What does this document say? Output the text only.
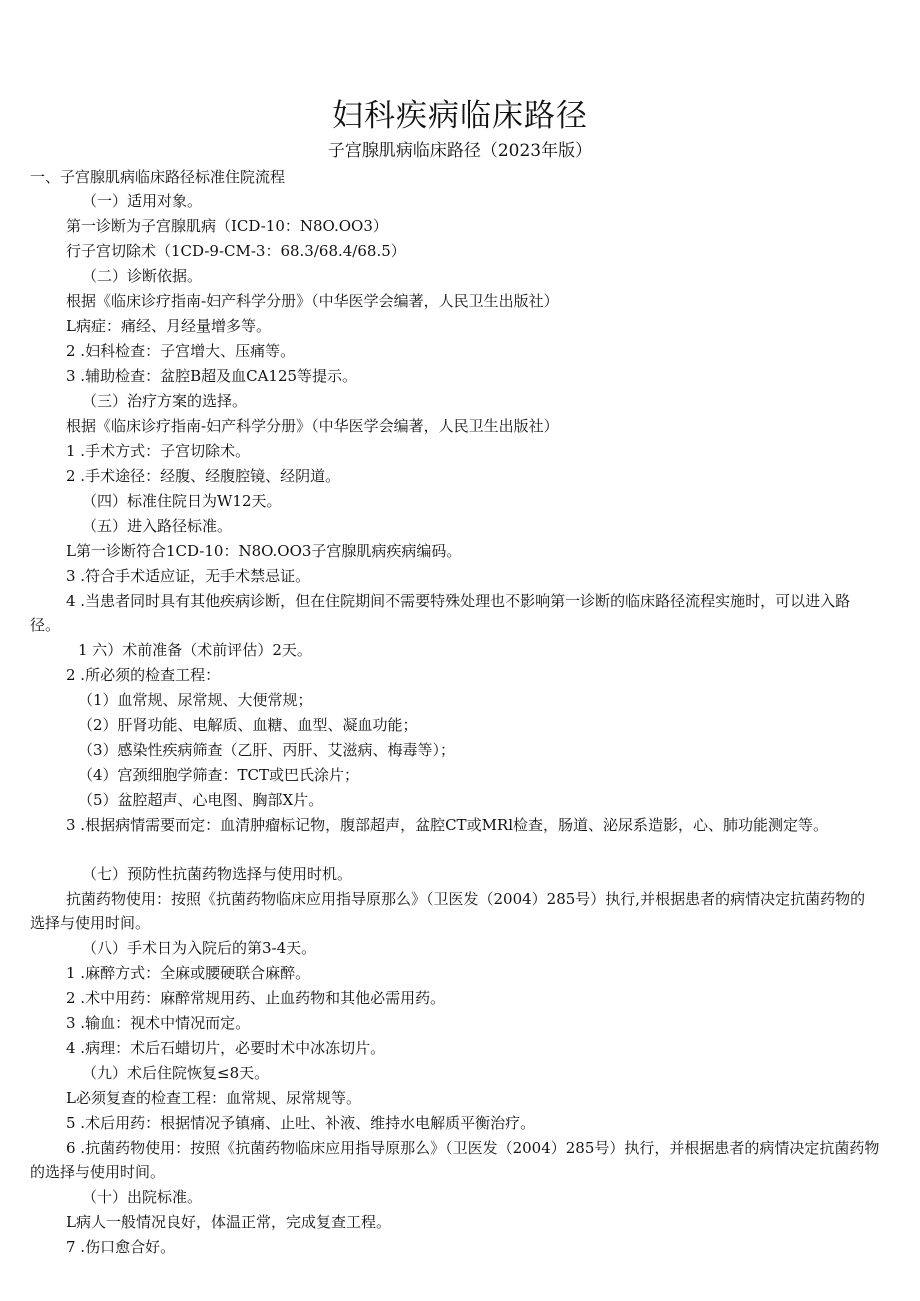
妇科疾病临床路径
子宫腺肌病临床路径（2023年版）
一、子宫腺肌病临床路径标准住院流程
（一）适用对象。
第一诊断为子宫腺肌病（ICD-10：N8O.OO3）
行子宫切除术（1CD-9-CM-3：68.3/68.4/68.5）
（二）诊断依据。
根据《临床诊疗指南-妇产科学分册》（中华医学会编著，人民卫生出版社）
L病症：痛经、月经量增多等。
2 .妇科检查：子宫增大、压痛等。
3 .辅助检查：盆腔B超及血CA125等提示。
（三）治疗方案的选择。
根据《临床诊疗指南-妇产科学分册》（中华医学会编著，人民卫生出版社）
1 .手术方式：子宫切除术。
2 .手术途径：经腹、经腹腔镜、经阴道。
（四）标准住院日为W12天。
（五）进入路径标准。
L第一诊断符合1CD-10：N8O.OO3子宫腺肌病疾病编码。
3 .符合手术适应证，无手术禁忌证。
4 .当患者同时具有其他疾病诊断，但在住院期间不需要特殊处理也不影响第一诊断的临床路径流程实施时，可以进入路径。
1 六）术前准备（术前评估）2天。
2 .所必须的检查工程：
（1）血常规、尿常规、大便常规；
（2）肝肾功能、电解质、血糖、血型、凝血功能；
（3）感染性疾病筛查（乙肝、丙肝、艾滋病、梅毒等）；
（4）宫颈细胞学筛查：TCT或巴氏涂片；
（5）盆腔超声、心电图、胸部X片。
3 .根据病情需要而定：血清肿瘤标记物，腹部超声，盆腔CT或MRl检查，肠道、泌尿系造影，心、肺功能测定等。
（七）预防性抗菌药物选择与使用时机。
抗菌药物使用：按照《抗菌药物临床应用指导原那么》（卫医发（2004）285号）执行,并根据患者的病情决定抗菌药物的选择与使用时间。
（八）手术日为入院后的第3-4天。
1 .麻醉方式：全麻或腰硬联合麻醉。
2 .术中用药：麻醉常规用药、止血药物和其他必需用药。
3 .输血：视术中情况而定。
4 .病理：术后石蜡切片，必要时术中冰冻切片。
（九）术后住院恢复≤8天。
L必须复查的检查工程：血常规、尿常规等。
5 .术后用药：根据情况予镇痛、止吐、补液、维持水电解质平衡治疗。
6 .抗菌药物使用：按照《抗菌药物临床应用指导原那么》（卫医发（2004）285号）执行，并根据患者的病情决定抗菌药物的选择与使用时间。
（十）出院标准。
L病人一般情况良好，体温正常，完成复查工程。
7 .伤口愈合好。
